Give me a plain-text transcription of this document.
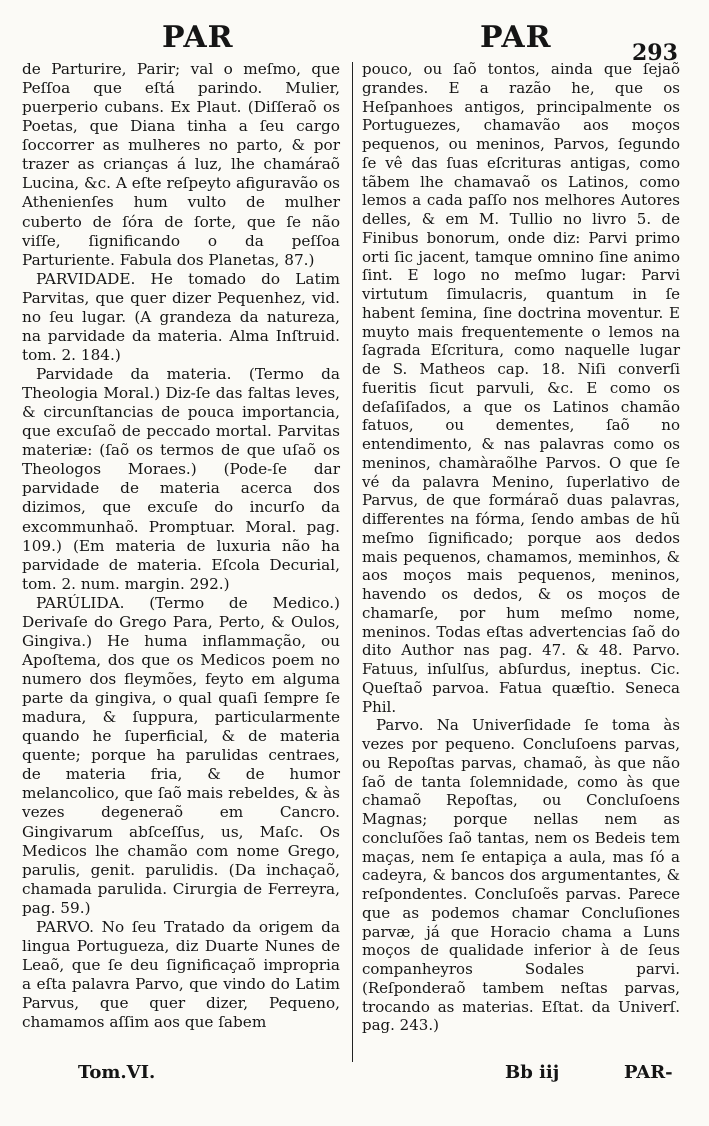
PAR	PAR	293

de Parturire, Parir; val o meſmo, que Peſſoa que eſtá parindo. Mulier, puerperio cubans. Ex Plaut. (Diſſeraõ os Poetas, que Diana tinha a ſeu cargo ſoccorrer as mulheres no parto, & por trazer as crianças á luz, lhe chamáraõ Lucina, &c. A eſte reſpeyto afiguravão os Athenienſes hum vulto de mulher cuberto de ſóra de ſorte, que ſe não viſſe, ſignificando o da peſſoa Parturiente. Fabula dos Planetas, 87.)

PARVIDADE. He tomado do Latim Parvitas, que quer dizer Pequenhez, vid. no ſeu lugar. (A grandeza da natureza, na parvidade da materia. Alma Inſtruid. tom. 2. 184.)

Parvidade da materia. (Termo da Theologia Moral.) Diz-ſe das faltas leves, & circunſtancias de pouca importancia, que excuſaõ de peccado mortal. Parvitas materiæ: (ſaõ os termos de que uſaõ os Theologos Moraes.) (Pode-ſe dar parvidade de materia acerca dos dizimos, que excuſe do incurſo da excommunhaõ. Promptuar. Moral. pag. 109.) (Em materia de luxuria não ha parvidade de materia. Eſcola Decurial, tom. 2. num. margin. 292.)

PARÚLIDA. (Termo de Medico.) Derivaſe do Grego Para, Perto, & Oulos, Gingiva.) He huma inflammação, ou Apoſtema, dos que os Medicos poem no numero dos fleymões, feyto em alguma parte da gingiva, o qual quaſi ſempre ſe madura, & ſuppura, particularmente quando he ſuperficial, & de materia quente; porque ha parulidas centraes, de materia fria, & de humor melancolico, que ſaõ mais rebeldes, & às vezes degeneraõ em Cancro. Gingivarum abſceſſus, us, Maſc. Os Medicos lhe chamão com nome Grego, parulis, genit. parulidis. (Da inchaçaõ, chamada parulida. Cirurgia de Ferreyra, pag. 59.)

PARVO. No ſeu Tratado da origem da lingua Portugueza, diz Duarte Nunes de Leaõ, que ſe deu ſignificaçaõ impropria a eſta palavra Parvo, que vindo do Latim Parvus, que quer dizer, Pequeno, chamamos aſſim aos que ſabem

pouco, ou ſaõ tontos, ainda que ſejaõ grandes. E a razão he, que os Heſpanhoes antigos, principalmente os Portuguezes, chamavão aos moços pequenos, ou meninos, Parvos, ſegundo ſe vê das ſuas eſcrituras antigas, como tãbem lhe chamavaõ os Latinos, como lemos a cada paſſo nos melhores Autores delles, & em M. Tullio no livro 5. de Finibus bonorum, onde diz: Parvi primo orti ſic jacent, tamque omnino ſine animo ſint. E logo no meſmo lugar: Parvi virtutum ſimulacris, quantum in ſe habent ſemina, ſine doctrina moventur. E muyto mais frequentemente o lemos na ſagrada Eſcritura, como naquelle lugar de S. Matheos cap. 18. Niſi converſi fueritis ſicut parvuli, &c. E como os deſaſiſados, a que os Latinos chamão fatuos, ou dementes, ſaõ no entendimento, & nas palavras como os meninos, chamàraõlhe Parvos. O que ſe vé da palavra Menino, ſuperlativo de Parvus, de que formáraõ duas palavras, differentes na fórma, ſendo ambas de hũ meſmo ſignificado; porque aos dedos mais pequenos, chamamos, meminhos, & aos moços mais pequenos, meninos, havendo os dedos, & os moços de chamarſe, por hum meſmo nome, meninos. Todas eſtas advertencias ſaõ do dito Author nas pag. 47. & 48. Parvo. Fatuus, inſulſus, abſurdus, ineptus. Cic. Queſtaõ parvoa. Fatua quæſtio. Seneca Phil.

Parvo. Na Univerſidade ſe toma às vezes por pequeno. Concluſoens parvas, ou Repoſtas parvas, chamaõ, às que não ſaõ de tanta ſolemnidade, como às que chamaõ Repoſtas, ou Concluſoens Magnas; porque nellas nem as concluſões ſaõ tantas, nem os Bedeis tem maças, nem ſe entapiça a aula, mas ſó a cadeyra, & bancos dos argumentantes, & reſpondentes. Concluſoẽs parvas. Parece que as podemos chamar Concluſiones parvæ, já que Horacio chama a Luns moços de qualidade inferior à de ſeus companheyros Sodales parvi. (Reſponderaõ tambem neſtas parvas, trocando as materias. Eſtat. da Univerſ. pag. 243.)

Tom.VI.	Bb iij	PAR-
